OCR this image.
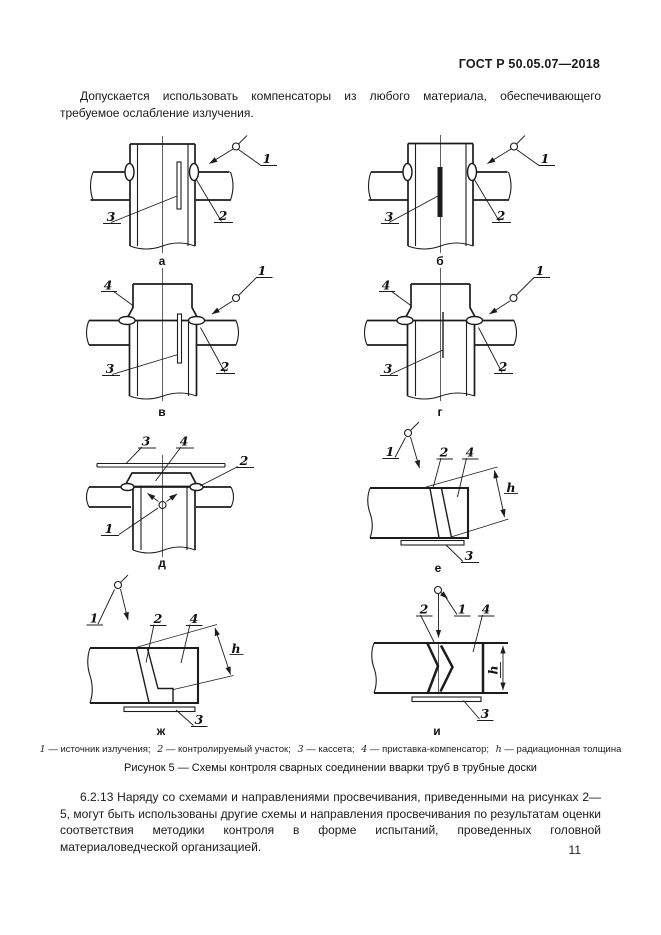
ГОСТ Р 50.05.07—2018
Допускается использовать компенсаторы из любого материала, обеспечивающего требуемое ослабление излучения.
1
2
3
а
1
2
3
б
1
4
2
3
в
1
4
2
3
г
1
3 4
2
д
1
h
3
2 4
е
1
h
2 4
3
ж
1
2	4
h
3
и
1 — источник излучения; 2 — контролируемый участок; 3 — кассета; 4 — приставка-компенсатор; h — радиационная толщина
Рисунок 5 — Схемы контроля сварных соединении вварки труб в трубные доски
6.2.13 Наряду со схемами и направлениями просвечивания, приведенными на рисунках 2—5, могут быть использованы другие схемы и направления просвечивания по результатам оценки соответствия методики контроля в форме испытаний, проведенных головной материаловедческой организацией.	11
